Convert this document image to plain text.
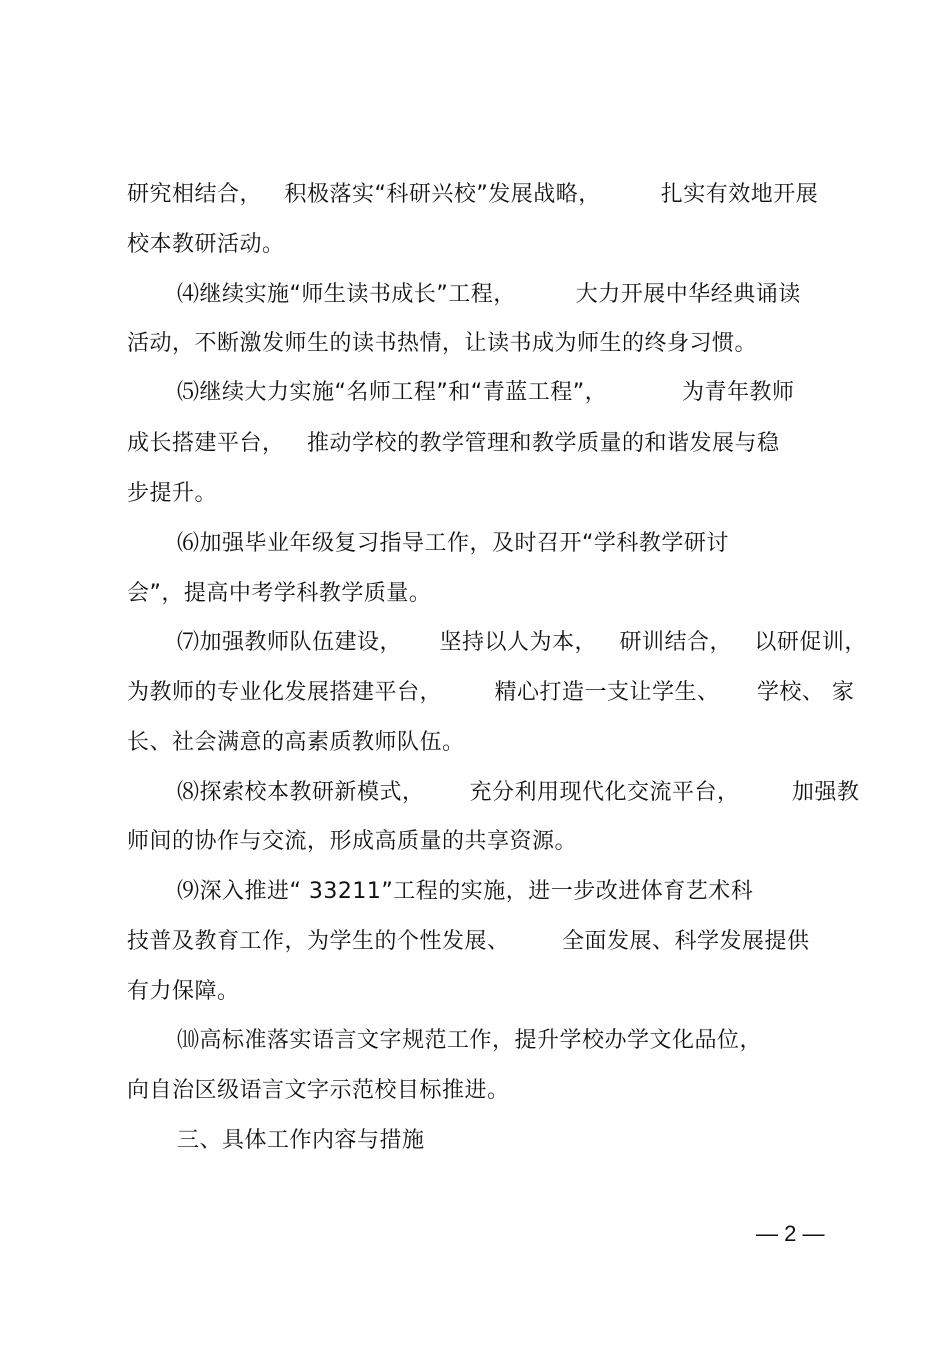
研究相结合，   积极落实“科研兴校”发展战略，        扎实有效地开展
校本教研活动。
⑷继续实施“师生读书成长”工程，        大力开展中华经典诵读
活动，不断激发师生的读书热情，让读书成为师生的终身习惯。
⑸继续大力实施“名师工程”和“青蓝工程”，          为青年教师
成长搭建平台，   推动学校的教学管理和教学质量的和谐发展与稳
步提升。
⑹加强毕业年级复习指导工作，及时召开“学科教学研讨
会”，提高中考学科教学质量。
⑺加强教师队伍建设，     坚持以人为本，   研训结合，   以研促训，
为教师的专业化发展搭建平台，       精心打造一支让学生、     学校、 家
长、社会满意的高素质教师队伍。
⑻探索校本教研新模式，      充分利用现代化交流平台，       加强教
师间的协作与交流，形成高质量的共享资源。
⑼深入推进“ 33211”工程的实施，进一步改进体育艺术科
技普及教育工作，为学生的个性发展、       全面发展、科学发展提供
有力保障。
⑽高标准落实语言文字规范工作，提升学校办学文化品位，
向自治区级语言文字示范校目标推进。
三、具体工作内容与措施
— 2 —
